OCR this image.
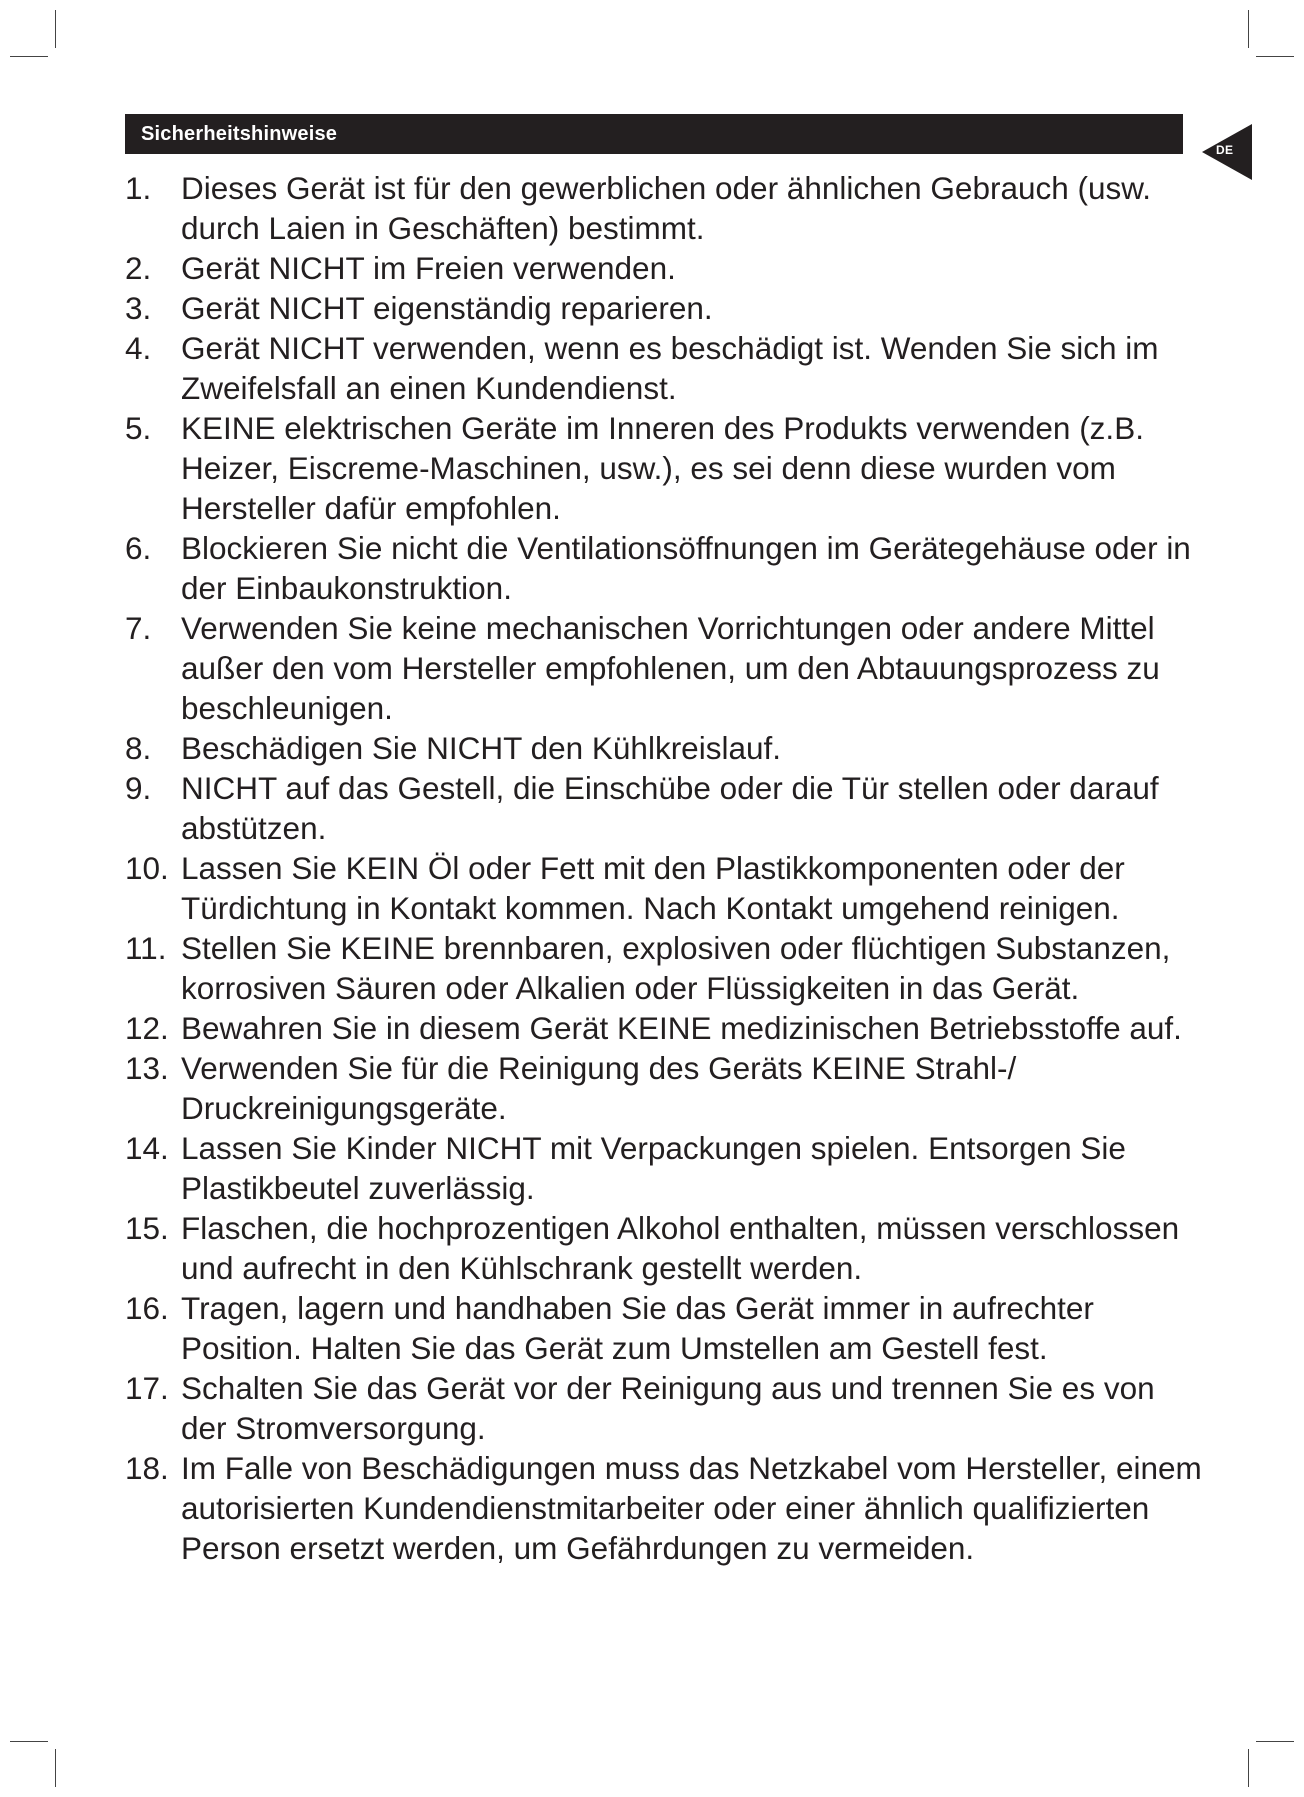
Sicherheitshinweise
DE
1. Dieses Gerät ist für den gewerblichen oder ähnlichen Gebrauch (usw. durch Laien in Geschäften) bestimmt.
2. Gerät NICHT im Freien verwenden.
3. Gerät NICHT eigenständig reparieren.
4. Gerät NICHT verwenden, wenn es beschädigt ist. Wenden Sie sich im Zweifelsfall an einen Kundendienst.
5. KEINE elektrischen Geräte im Inneren des Produkts verwenden (z.B. Heizer, Eiscreme-Maschinen, usw.), es sei denn diese wurden vom Hersteller dafür empfohlen.
6. Blockieren Sie nicht die Ventilationsöffnungen im Gerätegehäuse oder in der Einbaukonstruktion.
7. Verwenden Sie keine mechanischen Vorrichtungen oder andere Mittel außer den vom Hersteller empfohlenen, um den Abtauungsprozess zu beschleunigen.
8. Beschädigen Sie NICHT den Kühlkreislauf.
9. NICHT auf das Gestell, die Einschübe oder die Tür stellen oder darauf abstützen.
10. Lassen Sie KEIN Öl oder Fett mit den Plastikkomponenten oder der Türdichtung in Kontakt kommen. Nach Kontakt umgehend reinigen.
11. Stellen Sie KEINE brennbaren, explosiven oder flüchtigen Substanzen, korrosiven Säuren oder Alkalien oder Flüssigkeiten in das Gerät.
12. Bewahren Sie in diesem Gerät KEINE medizinischen Betriebsstoffe auf.
13. Verwenden Sie für die Reinigung des Geräts KEINE Strahl-/ Druckreinigungsgeräte.
14. Lassen Sie Kinder NICHT mit Verpackungen spielen. Entsorgen Sie Plastikbeutel zuverlässig.
15. Flaschen, die hochprozentigen Alkohol enthalten, müssen verschlossen und aufrecht in den Kühlschrank gestellt werden.
16. Tragen, lagern und handhaben Sie das Gerät immer in aufrechter Position. Halten Sie das Gerät zum Umstellen am Gestell fest.
17. Schalten Sie das Gerät vor der Reinigung aus und trennen Sie es von der Stromversorgung.
18. Im Falle von Beschädigungen muss das Netzkabel vom Hersteller, einem autorisierten Kundendienstmitarbeiter oder einer ähnlich qualifizierten Person ersetzt werden, um Gefährdungen zu vermeiden.
